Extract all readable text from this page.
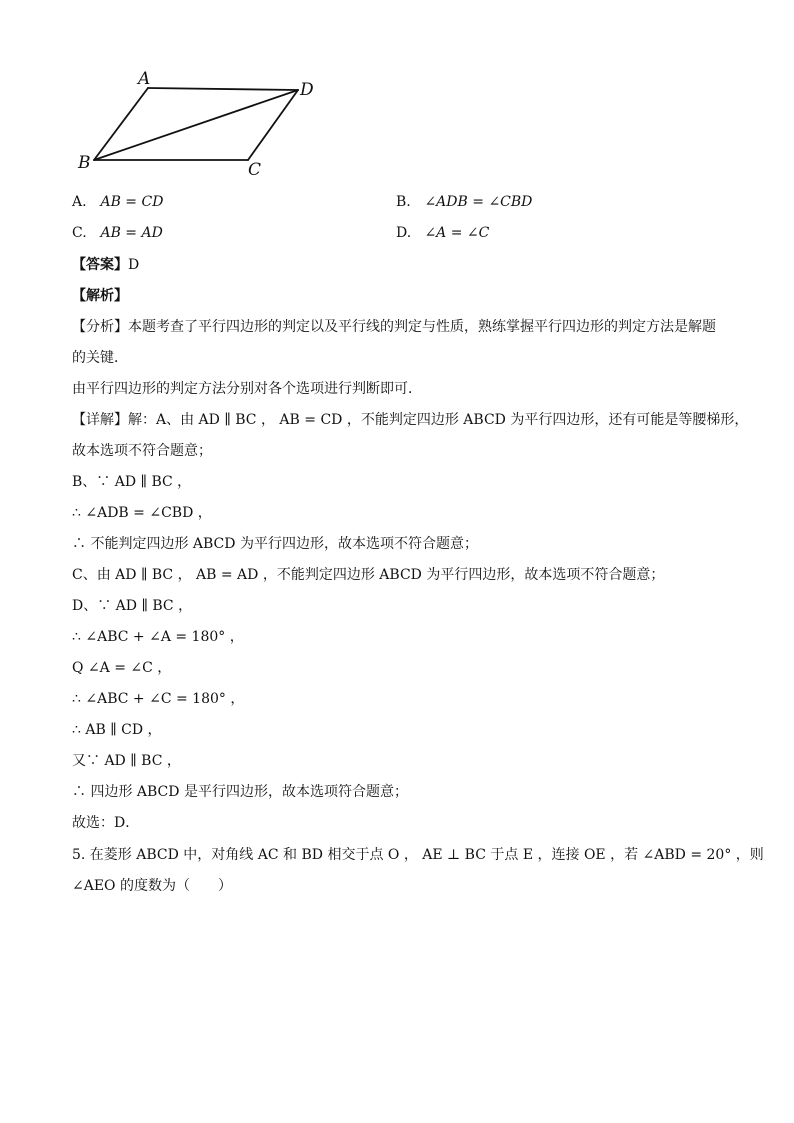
A
B	C
D
A. AB = CD	B. ∠ADB = ∠CBD
C. AB = AD	D. ∠A = ∠C
【答案】D
【解析】
【分析】本题考查了平行四边形的判定以及平行线的判定与性质，熟练掌握平行四边形的判定方法是解题
的关键．
由平行四边形的判定方法分别对各个选项进行判断即可．
【详解】解：A、由 AD ∥ BC ， AB = CD ，不能判定四边形 ABCD 为平行四边形，还有可能是等腰梯形，
故本选项不符合题意；
B、∵ AD ∥ BC ，
∴ ∠ADB = ∠CBD ，
∴ 不能判定四边形 ABCD 为平行四边形，故本选项不符合题意；
C、由 AD ∥ BC ， AB = AD ，不能判定四边形 ABCD 为平行四边形，故本选项不符合题意；
D、∵ AD ∥ BC ，
∴ ∠ABC + ∠A = 180° ，
Q ∠A = ∠C ，
∴ ∠ABC + ∠C = 180° ，
∴ AB ∥ CD ，
又∵ AD ∥ BC ，
∴ 四边形 ABCD 是平行四边形，故本选项符合题意；
故选：D．
5. 在菱形 ABCD 中，对角线 AC 和 BD 相交于点 O ， AE ⊥ BC 于点 E ，连接 OE ，若 ∠ABD = 20° ，则
∠AEO 的度数为（　　）
